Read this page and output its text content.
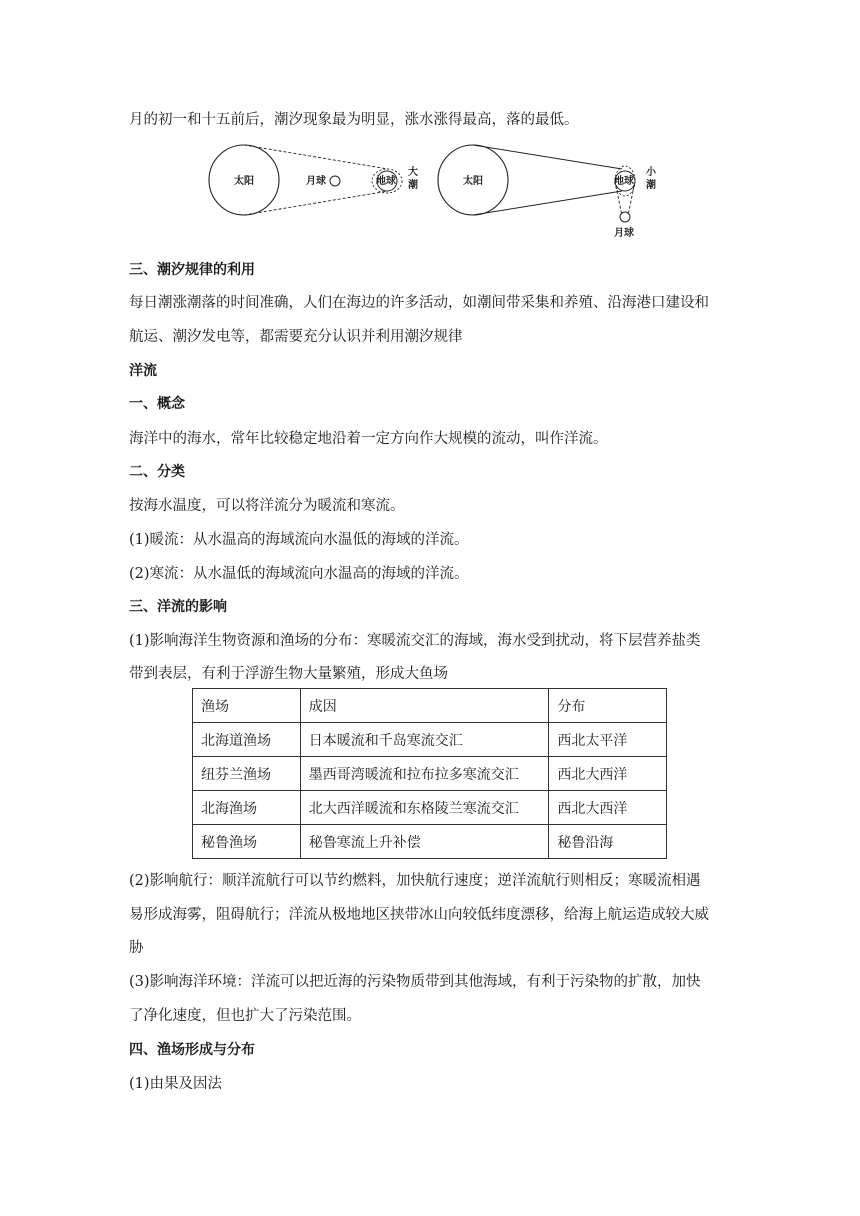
月的初一和十五前后，潮汐现象最为明显，涨水涨得最高，落的最低。
太阳	月球	地球
大
潮	太阳	地球
小
潮
月球
三、潮汐规律的利用
每日潮涨潮落的时间准确，人们在海边的许多活动，如潮间带采集和养殖、沿海港口建设和
航运、潮汐发电等，都需要充分认识并利用潮汐规律
洋流
一、概念
海洋中的海水，常年比较稳定地沿着一定方向作大规模的流动，叫作洋流。
二、分类
按海水温度，可以将洋流分为暖流和寒流。
(1)暖流：从水温高的海域流向水温低的海域的洋流。
(2)寒流：从水温低的海域流向水温高的海域的洋流。
三、洋流的影响
(1)影响海洋生物资源和渔场的分布：寒暖流交汇的海域，海水受到扰动，将下层营养盐类
带到表层，有利于浮游生物大量繁殖，形成大鱼场
渔场	成因	分布
北海道渔场	日本暖流和千岛寒流交汇	西北太平洋
纽芬兰渔场	墨西哥湾暖流和拉布拉多寒流交汇	西北大西洋
北海渔场	北大西洋暖流和东格陵兰寒流交汇	西北大西洋
秘鲁渔场	秘鲁寒流上升补偿	秘鲁沿海
(2)影响航行：顺洋流航行可以节约燃料，加快航行速度；逆洋流航行则相反；寒暖流相遇
易形成海雾，阻碍航行；洋流从极地地区挟带冰山向较低纬度漂移，给海上航运造成较大威
胁
(3)影响海洋环境：洋流可以把近海的污染物质带到其他海域，有利于污染物的扩散，加快
了净化速度，但也扩大了污染范围。
四、渔场形成与分布
(1)由果及因法
